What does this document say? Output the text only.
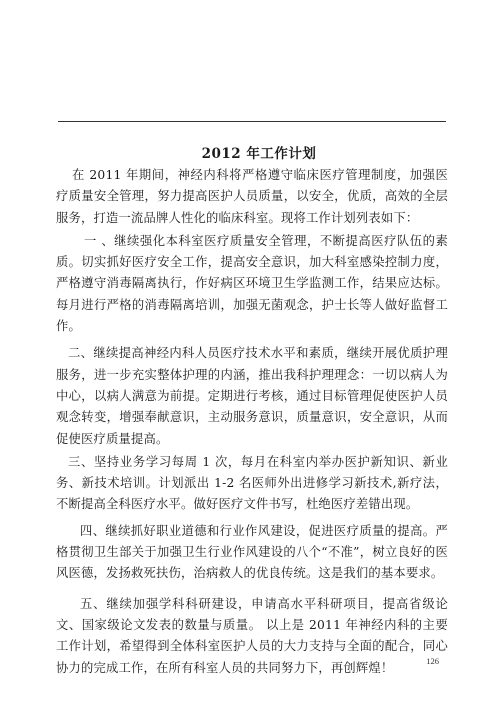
2012 年工作计划

在 2011 年期间，神经内科将严格遵守临床医疗管理制度，加强医疗质量安全管理，努力提高医护人员质量，以安全，优质，高效的全层服务，打造一流品牌人性化的临床科室。现将工作计划列表如下：

一 、继续强化本科室医疗质量安全管理，不断提高医疗队伍的素质。切实抓好医疗安全工作，提高安全意识，加大科室感染控制力度，严格遵守消毒隔离执行，作好病区环境卫生学监测工作，结果应达标。每月进行严格的消毒隔离培训，加强无菌观念，护士长等人做好监督工作。

二、继续提高神经内科人员医疗技术水平和素质，继续开展优质护理服务，进一步充实整体护理的内涵，推出我科护理理念：一切以病人为中心，以病人满意为前提。定期进行考核，通过目标管理促使医护人员观念转变，增强奉献意识，主动服务意识，质量意识，安全意识，从而促使医疗质量提高。

三、坚持业务学习每周 1 次，每月在科室内举办医护新知识、新业务、新技术培训。计划派出 1-2 名医师外出进修学习新技术,新疗法，不断提高全科医疗水平。做好医疗文件书写，杜绝医疗差错出现。

四、继续抓好职业道德和行业作风建设，促进医疗质量的提高。严格贯彻卫生部关于加强卫生行业作风建设的八个“不准”，树立良好的医风医德，发扬救死扶伤，治病救人的优良传统。这是我们的基本要求。

五、继续加强学科科研建设，申请高水平科研项目，提高省级论文、国家级论文发表的数量与质量。 以上是 2011 年神经内科的主要工作计划，希望得到全体科室医护人员的大力支持与全面的配合，同心协力的完成工作，在所有科室人员的共同努力下，再创辉煌！	126
